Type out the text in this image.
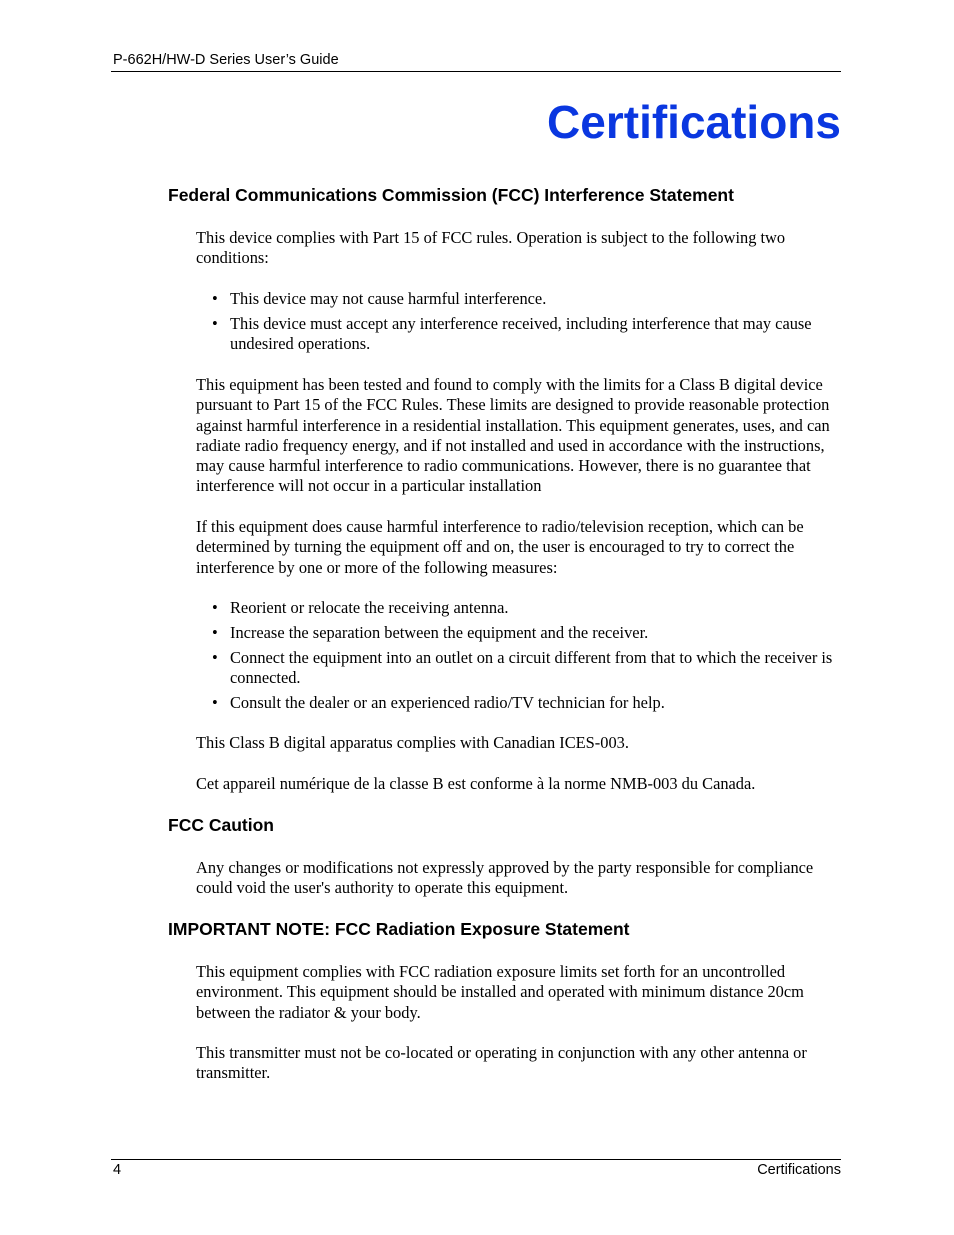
P-662H/HW-D Series User’s Guide
Certifications
Federal Communications Commission (FCC) Interference Statement

This device complies with Part 15 of FCC rules. Operation is subject to the following two conditions:

• This device may not cause harmful interference.
• This device must accept any interference received, including interference that may cause undesired operations.

This equipment has been tested and found to comply with the limits for a Class B digital device pursuant to Part 15 of the FCC Rules. These limits are designed to provide reasonable protection against harmful interference in a residential installation. This equipment generates, uses, and can radiate radio frequency energy, and if not installed and used in accordance with the instructions, may cause harmful interference to radio communications. However, there is no guarantee that interference will not occur in a particular installation

If this equipment does cause harmful interference to radio/television reception, which can be determined by turning the equipment off and on, the user is encouraged to try to correct the interference by one or more of the following measures:

• Reorient or relocate the receiving antenna.
• Increase the separation between the equipment and the receiver.
• Connect the equipment into an outlet on a circuit different from that to which the receiver is connected.
• Consult the dealer or an experienced radio/TV technician for help.

This Class B digital apparatus complies with Canadian ICES-003.

Cet appareil numérique de la classe B est conforme à la norme NMB-003 du Canada.

FCC Caution

Any changes or modifications not expressly approved by the party responsible for compliance could void the user's authority to operate this equipment.

IMPORTANT NOTE: FCC Radiation Exposure Statement

This equipment complies with FCC radiation exposure limits set forth for an uncontrolled environment. This equipment should be installed and operated with minimum distance 20cm between the radiator & your body.

This transmitter must not be co-located or operating in conjunction with any other antenna or transmitter.

4	Certifications
